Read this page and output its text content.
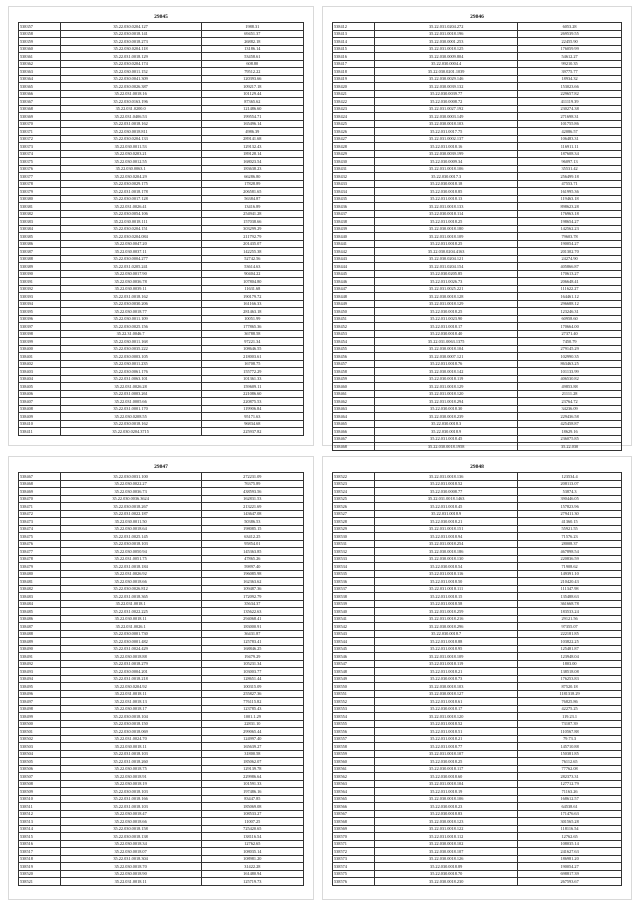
29845
538357	35.22.030.0204.127	1988.31
538358	35.22.030.0018.141	69451.37
538359	35.22.030.0018.273	26882.18
538360	35.22.030.0204.118	13186.14
538361	35.22.031.0018.129	53458.61
538362	35.22.030.0204.174	608.80
538363	35.22.030.0011.152	79512.22
538364	35.22.030.0041.309	120393.66
538365	35.22.030.0026.387	109217.18
538366	35.22.031.0018.16	101129.44
538367	35.22.030.0163.196	87365.62
538368	35.22.031.0200.0	121486.60
538369	35.22.031.0406.53	199554.71
538370	35.22.031.0018.162	165496.14
538371	35.22.030.0018.811	4986.39
538372	35.22.030.0204.133	289141.68
538373	35.22.030.0011.53	129132.43
538374	35.22.030.0203.21	189128.14
538375	35.22.030.0012.55	168023.54
538376	35.22.030.0063.1	183638.23
538377	35.22.030.0204.29	66286.80
538378	35.22.030.0029.175	17828.89
538379	35.22.031.0018.178	206581.65
538380	35.22.030.0017.128	56384.87
538381	35.22.031.0026.41	13416.89
538382	35.22.030.0054.106	254941.28
538383	35.22.030.0018.111	157038.66
538384	35.22.030.0204.151	303299.29
538385	35.22.030.0204.084	211792.79
538386	35.22.030.0047.20	201435.07
538387	35.22.030.0037.11	142255.38
538388	35.22.030.0004.277	52742.56
538389	35.22.031.0205.241	53614.63
538390	35.22.030.0017.90	90404.22
538391	35.22.030.0036.78	107804.80
538392	35.22.030.0039.11	11631.68
538393	35.22.031.0018.162	190179.72
538394	35.22.030.0030.206	161166.33
538395	35.22.030.0018.77	281463.18
538396	35.22.030.0011.109	10051.99
538397	35.22.030.0025.156	177865.36
538398	35.22.31.0046.7	36788.58
538399	35.22.030.0011.168	97221.34
538400	35.22.030.0035.222	108646.55
538401	35.22.030.0003.105	218003.61
538402	35.22.030.0011.235	16708.75
538403	35.22.030.0061.176	155772.29
538404	35.22.031.0063.101	101361.33
538405	35.22.031.0026.28	159609.11
538406	35.22.031.0003.261	221086.60
538407	35.22.031.0005.66	220875.53
538408	35.22.031.0001.170	119906.84
538409	35.22.030.0208.55	95171.63
538410	35.22.030.0018.162	96834.68
538411	35.22.030.0204.3715	225937.82
29846
538412	35.22.031.0204.272	6053.28
538413	35.22.031.0018.196	269539.55
538414	35.22.030.0001.253	22455.90
538415	35.22.031.0018.125	176059.99
538416	35.22.030.0009.804	54612.27
538417	35.22.030.0004.4	99210.35
538418	35.22.030.0201.1039	39775.77
538419	35.22.030.0029.146	18934.32
538420	35.22.030.0039.132	153023.66
538421	35.22.030.0039.77	229657.82
538422	35.22.030.0008.72	411119.39
538423	35.22.031.0027.192	230274.38
538424	35.22.030.0003.149	271698.31
538425	35.22.030.0018.103	101755.86
538426	35.22.031.0017.75	42086.57
538427	35.22.031.0002.137	106483.31
538428	35.22.031.0018.16	116911.11
538429	35.22.030.0039.199	187608.34
538430	35.22.030.0009.34	96097.13
538431	35.22.031.0018.106	35531.42
538432	35.22.030.0017.3	256499.18
538433	35.22.030.0018.18	47553.71
538434	35.22.030.0018.85	161995.36
538435	35.22.031.0018.13	119463.18
538436	35.22.031.0018.133	898623.28
538437	35.22.030.0018.114	176963.18
538438	35.22.031.0018.25	198654.27
538439	35.22.030.0018.180	142562.23
538440	35.22.031.0018.109	79603.78
538441	35.22.031.0018.25	190054.27
538442	35.22.030.0204.4163	201302.70
538443	35.22.030.0204.121	24274.90
538444	35.22.031.0204.154	405866.87
538445	35.22.030.0205.85	170613.27
538446	35.22.031.0026.73	206648.41
538447	35.22.031.0025.221	111622.27
538448	35.22.030.0018.128	164461.12
538449	35.22.031.0018.129	296688.12
538450	35.22.030.0018.25	123246.31
538451	35.22.031.0023.90	60958.60
538452	35.22.031.0018.17	170664.00
538453	35.22.030.0018.40	27371.40
538454	35.22.031.0063.1375	7450.79
538455	35.22.030.0018.104	279145.29
538456	35.22.030.0007.121	102990.35
538457	35.22.031.0018.76	863463.25
538458	35.22.030.0018.142	101133.99
538459	35.22.030.0018.119	406530.82
538460	35.22.031.0018.129	49853.88
538461	35.22.031.0018.120	21111.28
538462	35.22.031.0018.294	23764.72
538463	35.22.030.0018.30	34236.09
538464	35.22.030.0018.239	229436.58
538465	35.22.030.0018.3	425458.87
538466	35.22.030.0018.9	18629.16
538467	35.22.031.0018.45	236075.85
538468	35.22.030.0018.1958	35.22.030
29847
538467	35.22.030.0031.100	272231.09
538468	35.22.030.0022.27	76375.89
538469	35.22.030.0036.73	438593.56
538470	35.22.030.0036.3624	162831.53
538471	35.22.030.0018.267	213221.69
538472	35.22.031.0022.187	143647.08
538473	35.22.030.0011.50	50386.53
538474	35.22.030.0018.64	198085.15
538475	35.22.031.0025.145	63412.25
538476	35.22.030.0018.103	95854.01
538477	35.22.030.0050.94	145363.85
538478	35.22.031.0051.75	47865.26
538479	35.22.031.0018.184	59897.40
538480	35.22.031.0026.92	196085.98
538481	35.22.030.0018.66	162363.62
538482	35.22.030.0026.812	109487.36
538483	35.22.031.0018.365	172092.79
538484	35.22.031.0018.1	35634.37
538485	35.22.031.0022.225	135622.63
538486	35.22.030.0018.11	294068.41
538487	35.22.031.0026.1	183000.91
538488	35.22.030.0001.730	36431.87
538489	35.22.030.0001.482	125783.41
538490	35.22.031.0024.429	168846.25
538491	35.22.030.0018.88	19479.29
538492	35.22.031.0018.279	105231.34
538493	35.22.030.0004.201	103003.77
538494	35.22.031.0018.218	128651.44
538495	35.22.030.0204.92	100315.09
538496	35.22.031.0018.11	255827.36
538497	35.22.031.0018.13	776115.82
538498	35.22.030.0018.17	123785.43
538499	35.22.030.0018.104	1001.1.29
538500	35.22.030.0018.150	22831.10
538501	35.22.030.0018.069	299065.44
538502	35.22.031.0024.70	124997.40
538503	35.22.030.0018.11	165639.27
538504	35.22.031.0018.103	31800.58
538505	35.22.031.0018.260	185062.07
538506	35.22.030.0018.75	129139.78
538507	35.22.030.0018.91	229986.64
538508	35.22.030.0018.19	101591.33
538509	35.22.030.0018.103	197486.16
538510	35.22.031.0018.166	83447.85
538511	35.22.031.0018.103	185069.08
538512	35.22.030.0018.47	108533.27
538513	35.22.030.0018.66	11007.25
538514	35.22.030.0018.158	725420.65
538515	35.22.030.0018.138	138116.54
538516	35.22.030.0018.34	12762.65
538517	35.22.030.0018.07	108035.14
538518	35.22.031.0018.304	108981.20
538519	35.22.030.0018.70	31422.28
538520	35.22.030.0018.90	161480.94
538521	35.22.031.0018.11	125719.73
29848
538522	35.22.031.0018.136	123534.4
538523	35.22.031.0018.52	208113.07
538524	35.22.030.0008.77	53874.3
538525	35.22.031.0018.1463	390446.05
538526	35.22.031.0018.45	157823.96
538527	35.22.031.0018.9	279411.30
538528	35.22.030.0018.21	41360.15
538529	35.22.031.0018.151	55921.55
538530	35.22.031.0018.94	71576.23
538531	35.22.031.0018.254	28008.37
538532	35.22.030.0018.186	467898.54
538533	35.22.030.0018.130	220836.59
538534	35.22.030.0018.54	71908.62
538535	35.22.031.0018.116	149391.10
538536	35.22.031.0018.50	210420.43
538537	35.22.031.0018.111	111347.98
538538	35.22.031.0018.15	135488.63
538539	35.22.031.0018.58	361668.78
538540	35.22.031.0018.259	183533.24
538541	35.22.031.0018.216	29121.56
538542	35.22.030.0018.296	97355.07
538543	35.22.030.0018.7	222181.85
538544	35.22.031.0018.88	103822.25
538545	35.22.031.0018.95	125481.87
538546	35.22.031.0018.109	123948.04
538547	35.22.031.0018.119	1803.00
538548	35.22.031.0018.21	138518.08
538549	35.22.030.0018.73	176253.83
538550	35.22.030.0018.103	87520.18
538551	35.22.030.0018.127	1181318.29
538552	35.22.031.0018.61	76825.86
538553	35.22.030.0018.17	42275.25
538554	35.22.031.0018.120	119.23.1
538555	35.22.031.0018.52	73107.39
538556	35.22.031.0018.51	110567.88
538557	35.22.031.0018.21	79.73.3
538558	35.22.031.0018.77	145710.88
538559	35.22.031.0018.107	150381.85
538560	35.22.030.0018.25	76112.65
538561	35.22.030.0018.117	77762.08
538562	35.22.030.0018.60	282373.31
538563	35.22.031.0018.104	127712.79
538564	35.22.031.0018.19	71163.26
538565	35.22.030.0018.106	168612.57
538566	35.22.030.0018.23	64538.61
538567	35.22.030.0018.83	171476.63
538568	35.22.030.0018.123	301565.28
538569	35.22.031.0018.122	118116.54
538570	35.22.031.0018.112	12762.65
538571	35.22.030.0018.102	108035.14
538572	35.22.030.0018.107	241627.63
538573	35.22.030.0018.126	186981.20
538574	35.22.030.0018.89	190054.27
538575	35.22.030.0018.70	698817.39
538576	35.22.030.0018.230	267593.67
